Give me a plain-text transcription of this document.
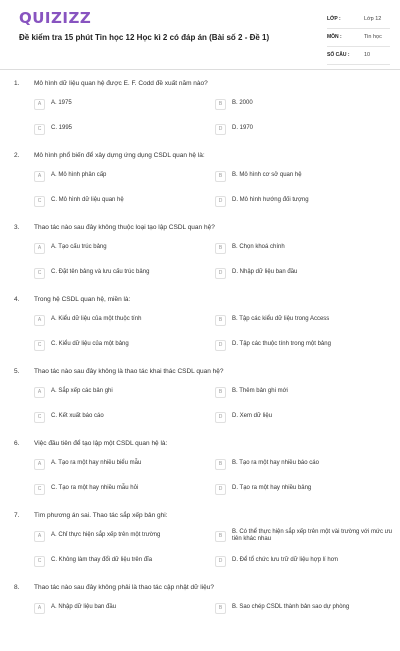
QUIZIZZ
Đề kiểm tra 15 phút Tin học 12 Học kì 2 có đáp án (Bài số 2 - Đề 1)
LỚP :	Lớp 12
MÔN :	Tin học
SỐ CÂU :	10
1. Mô hình dữ liệu quan hệ được E. F. Codd đề xuất năm nào?
A	A. 1975	B	B. 2000
C	C. 1995	D	D. 1970
2. Mô hình phổ biến để xây dựng ứng dụng CSDL quan hệ là:
A	A. Mô hình phân cấp	B	B. Mô hình cơ sở quan hệ
C	C. Mô hình dữ liệu quan hệ	D	D. Mô hình hướng đối tượng
3. Thao tác nào sau đây không thuộc loại tạo lập CSDL quan hệ?
A	A. Tạo cấu trúc bảng	B	B. Chọn khoá chính
C	C. Đặt tên bảng và lưu cấu trúc bảng	D	D. Nhập dữ liệu ban đầu
4. Trong hệ CSDL quan hệ, miền là:
A	A. Kiểu dữ liệu của một thuộc tính	B	B. Tập các kiểu dữ liệu trong Access
C	C. Kiểu dữ liệu của một bảng	D	D. Tập các thuộc tính trong một bảng
5. Thao tác nào sau đây không là thao tác khai thác CSDL quan hệ?
A	A. Sắp xếp các bản ghi	B	B. Thêm bản ghi mới
C	C. Kết xuất báo cáo	D	D. Xem dữ liệu
6. Việc đầu tiên để tạo lập một CSDL quan hệ là:
A	A. Tạo ra một hay nhiều biểu mẫu	B	B. Tạo ra một hay nhiều báo cáo
C	C. Tạo ra một hay nhiều mẫu hỏi	D	D. Tạo ra một hay nhiều bảng
7. Tìm phương án sai. Thao tác sắp xếp bản ghi:
A	A. Chỉ thực hiện sắp xếp trên một trường	B
B. Có thể thực hiện sắp xếp trên một vài trường với mức ưu tiên khác nhau
C	C. Không làm thay đổi dữ liệu trên đĩa	D	D. Để tổ chức lưu trữ dữ liệu hợp lí hơn
8. Thao tác nào sau đây không phải là thao tác cập nhật dữ liệu?
A	A. Nhập dữ liệu ban đầu	B	B. Sao chép CSDL thành bản sao dự phòng
